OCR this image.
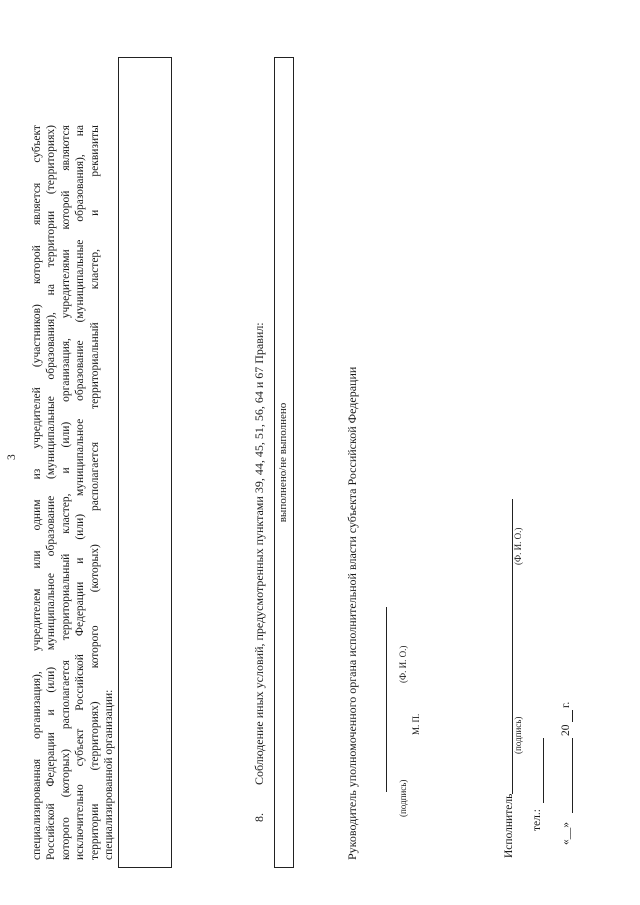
3
специализированная
организация),
учредителем
или
одним
из
учредителей
(участников)
которой
является
субъект
Российской
Федерации
и
(или)
муниципальное
образование
(муниципальные
образования),
на
территории
(территориях)
которого
(которых)
располагается
территориальный
кластер,
и
(или)
организация,
учредителями
которой
являются
исключительно
субъект
Российской
Федерации
и
(или)
муниципальное
образование
(муниципальные
образования),
на
территории
(территориях)
которого
(которых)
располагается
территориальный
кластер,
и
реквизиты
специализированной организации:	8.
Соблюдение иных условий, предусмотренных пунктами 39, 44, 45, 51, 56, 64 и 67 Правил: выполнено/не выполнено	Руководитель уполномоченного органа исполнительной власти субъекта Российской Федерации	(подпись)
(Ф. И. О.)
М. П.
Исполнитель
(подпись)
(Ф. И. О.)
тел.:
«__»
20
г.
